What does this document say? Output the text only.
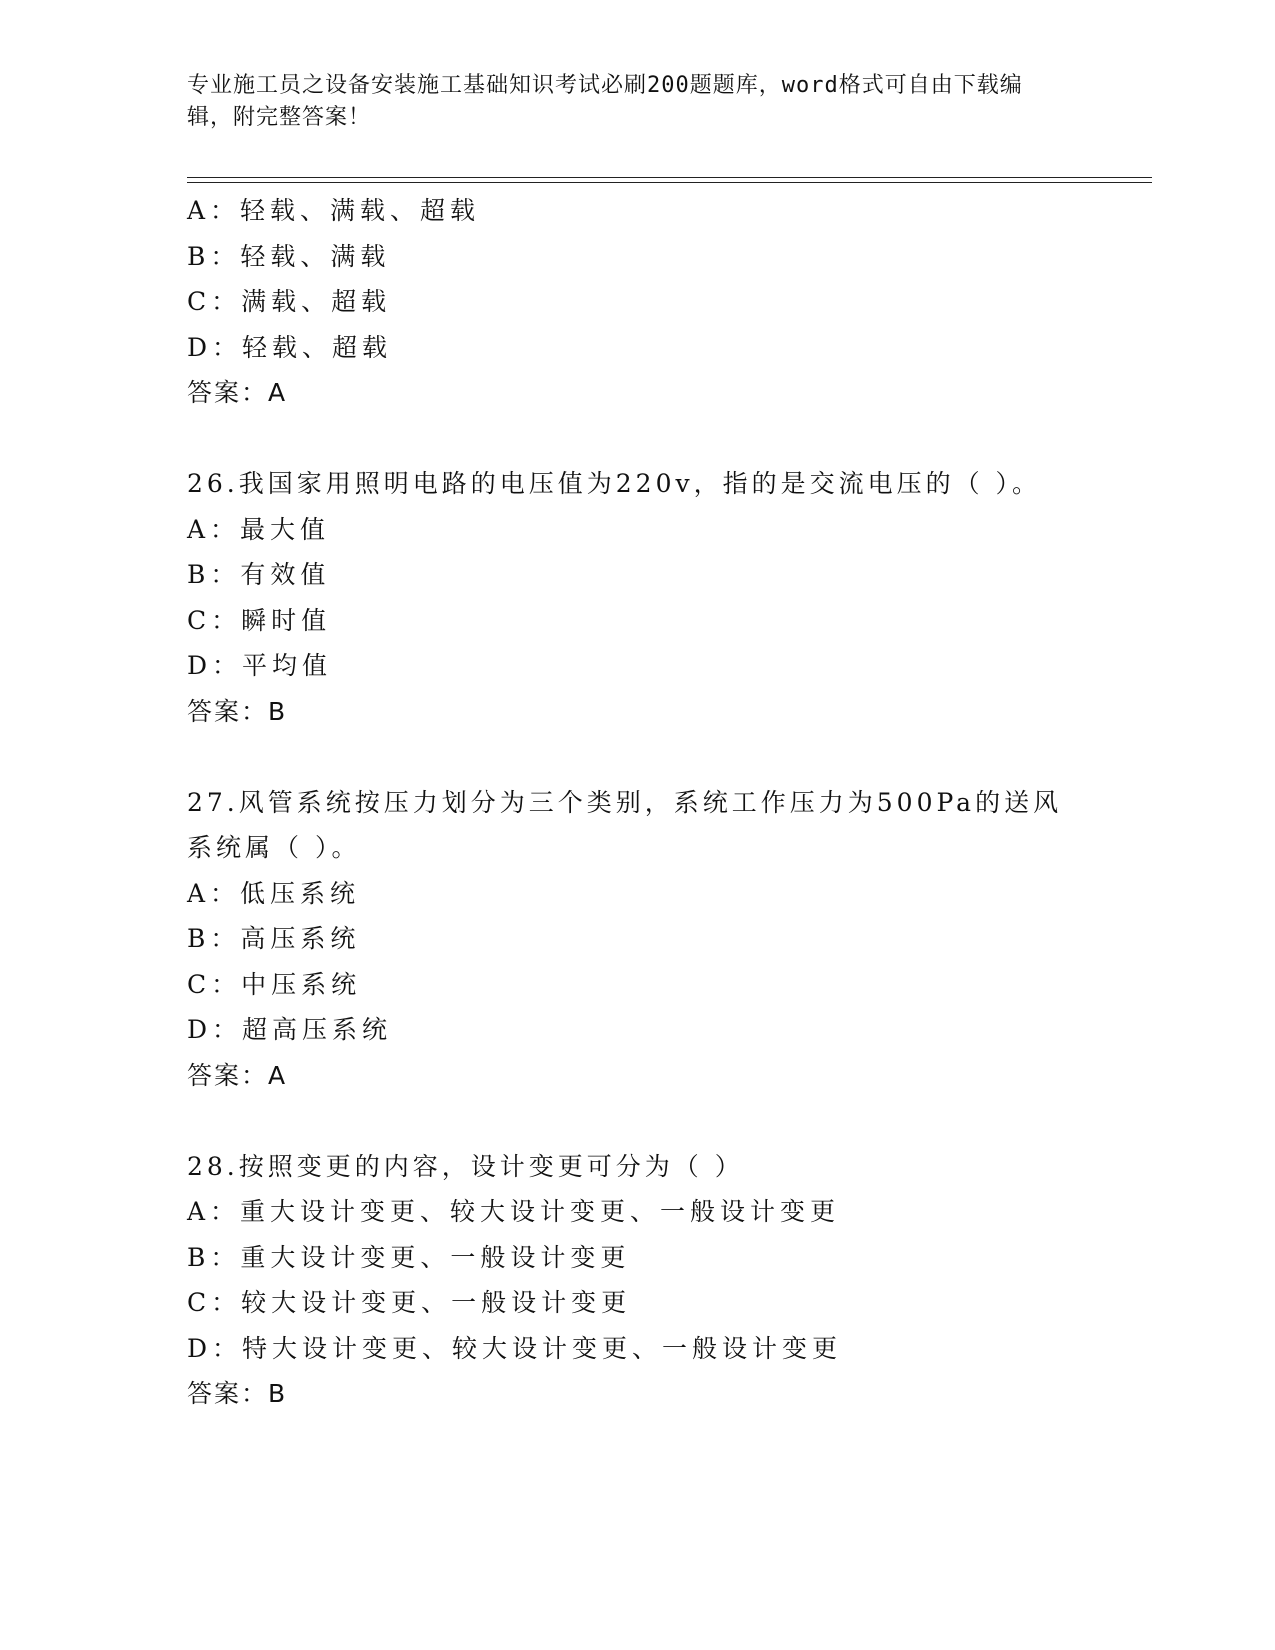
专业施工员之设备安装施工基础知识考试必刷200题题库，word格式可自由下载编辑，附完整答案！
A：轻载、满载、超载
B：轻载、满载
C：满载、超载
D：轻载、超载
答案：A
26.我国家用照明电路的电压值为220v，指的是交流电压的（ ）。
A：最大值
B：有效值
C：瞬时值
D：平均值
答案：B
27.风管系统按压力划分为三个类别，系统工作压力为500Pa的送风系统属（ ）。
A：低压系统
B：高压系统
C：中压系统
D：超高压系统
答案：A
28.按照变更的内容，设计变更可分为（ ）
A：重大设计变更、较大设计变更、一般设计变更
B：重大设计变更、一般设计变更
C：较大设计变更、一般设计变更
D：特大设计变更、较大设计变更、一般设计变更
答案：B
